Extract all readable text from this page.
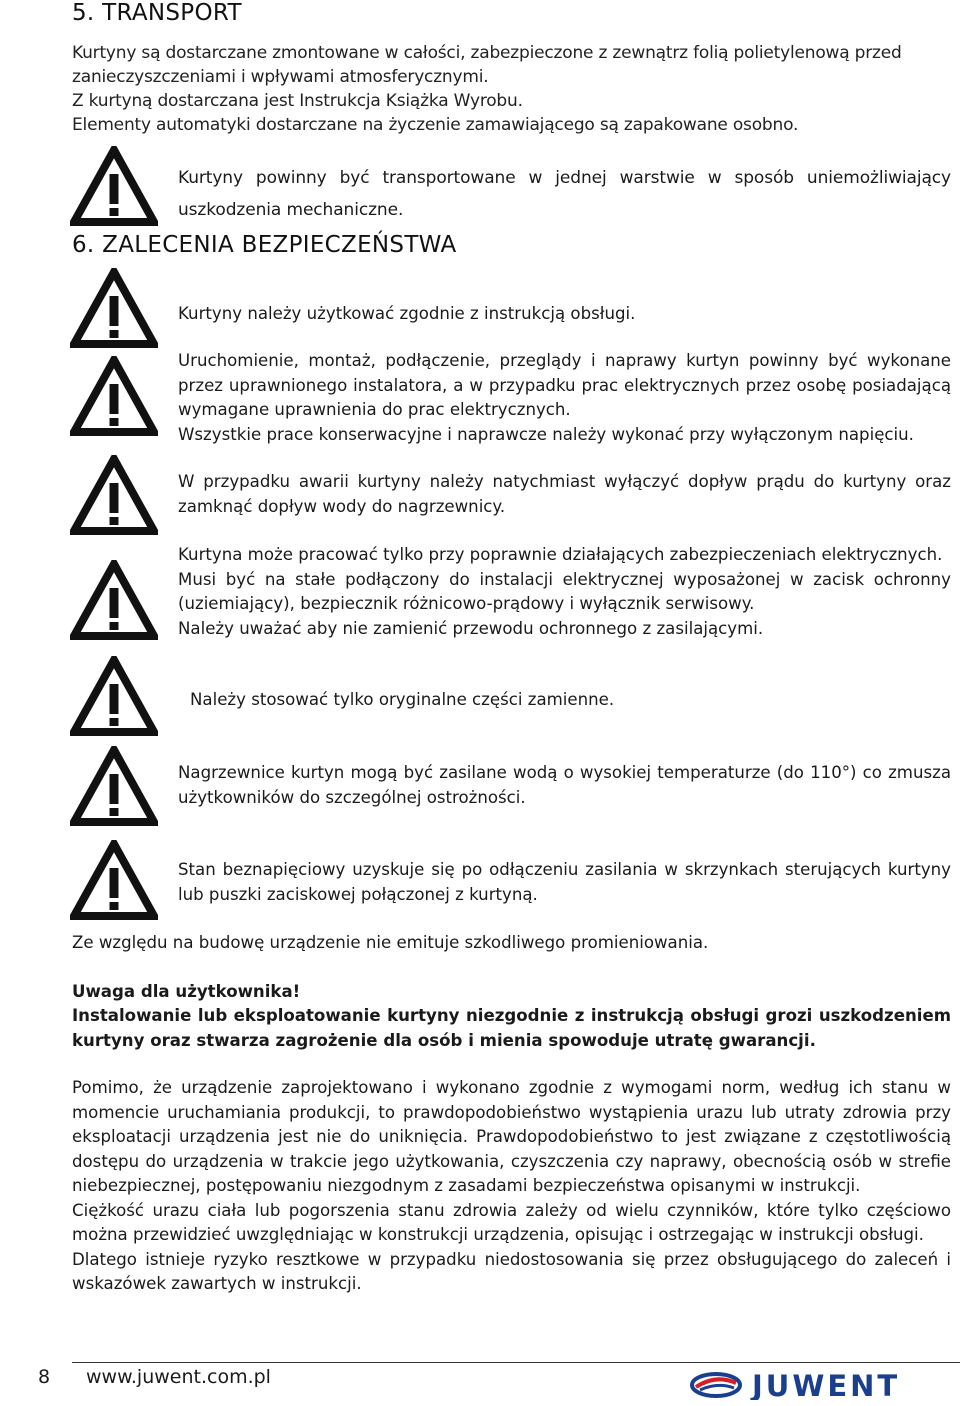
5. TRANSPORT
Kurtyny są dostarczane zmontowane w całości, zabezpieczone z zewnątrz folią polietylenową przed
zanieczyszczeniami i wpływami atmosferycznymi.
Z kurtyną dostarczana jest Instrukcja Książka Wyrobu.
Elementy automatyki dostarczane na życzenie zamawiającego są zapakowane osobno.
Kurtyny powinny być transportowane w jednej warstwie w sposób uniemożliwiający uszkodzenia mechaniczne.
6. ZALECENIA BEZPIECZEŃSTWA

Kurtyny należy użytkować zgodnie z instrukcją obsługi.

Uruchomienie, montaż, podłączenie, przeglądy i naprawy kurtyn powinny być wykonane przez uprawnionego instalatora, a w przypadku prac elektrycznych przez osobę posiadającą wymagane uprawnienia do prac elektrycznych.

Wszystkie prace konserwacyjne i naprawcze należy wykonać przy wyłączonym napięciu.

W przypadku awarii kurtyny należy natychmiast wyłączyć dopływ prądu do kurtyny oraz zamknąć dopływ wody do nagrzewnicy.

Kurtyna może pracować tylko przy poprawnie działających zabezpieczeniach elektrycznych.

Musi być na stałe podłączony do instalacji elektrycznej wyposażonej w zacisk ochronny (uziemiający), bezpiecznik różnicowo-prądowy i wyłącznik serwisowy.

Należy uważać aby nie zamienić przewodu ochronnego z zasilającymi.

Należy stosować tylko oryginalne części zamienne.

Nagrzewnice kurtyn mogą być zasilane wodą o wysokiej temperaturze (do 110°) co zmusza użytkowników do szczególnej ostrożności.

Stan beznapięciowy uzyskuje się po odłączeniu zasilania w skrzynkach sterujących kurtyny lub puszki zaciskowej połączonej z kurtyną.

Ze względu na budowę urządzenie nie emituje szkodliwego promieniowania.
Uwaga dla użytkownika!
Instalowanie lub eksploatowanie kurtyny niezgodnie z instrukcją obsługi grozi uszkodzeniem kurtyny oraz stwarza zagrożenie dla osób i mienia spowoduje utratę gwarancji.

Pomimo, że urządzenie zaprojektowano i wykonano zgodnie z wymogami norm, według ich stanu w momencie uruchamiania produkcji, to prawdopodobieństwo wystąpienia urazu lub utraty zdrowia przy eksploatacji urządzenia jest nie do uniknięcia. Prawdopodobieństwo to jest związane z częstotliwością dostępu do urządzenia w trakcie jego użytkowania, czyszczenia czy naprawy, obecnością osób w strefie niebezpiecznej, postępowaniu niezgodnym z zasadami bezpieczeństwa opisanymi w instrukcji.

Ciężkość urazu ciała lub pogorszenia stanu zdrowia zależy od wielu czynników, które tylko częściowo można przewidzieć uwzględniając w konstrukcji urządzenia, opisując i ostrzegając w instrukcji obsługi.

Dlatego istnieje ryzyko resztkowe w przypadku niedostosowania się przez obsługującego do zaleceń i wskazówek zawartych w instrukcji.

8 www.juwent.com.pl	JUWENT
